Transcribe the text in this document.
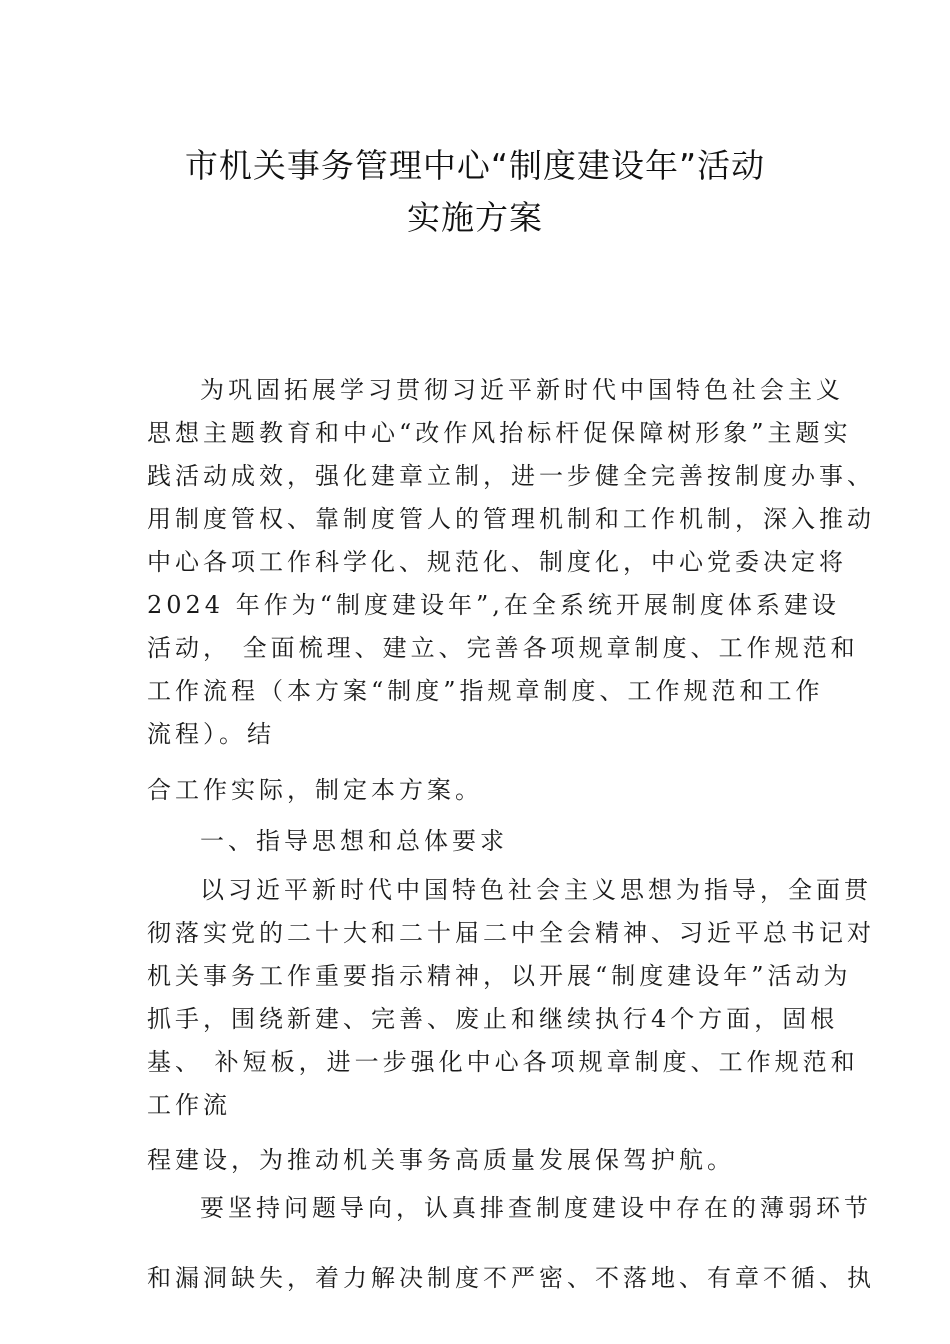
市机关事务管理中心“制度建设年”活动
实施方案
为巩固拓展学习贯彻习近平新时代中国特色社会主义
思想主题教育和中心“改作风抬标杆促保障树形象”主题实
践活动成效，强化建章立制，进一步健全完善按制度办事、
用制度管权、靠制度管人的管理机制和工作机制，深入推动
中心各项工作科学化、规范化、制度化，中心党委决定将
2024 年作为“制度建设年”,在全系统开展制度体系建设
活动， 全面梳理、建立、完善各项规章制度、工作规范和
工作流程（本方案“制度”指规章制度、工作规范和工作
流程）。结
合工作实际，制定本方案。
一、指导思想和总体要求
以习近平新时代中国特色社会主义思想为指导，全面贯
彻落实党的二十大和二十届二中全会精神、习近平总书记对
机关事务工作重要指示精神，以开展“制度建设年”活动为
抓手，围绕新建、完善、废止和继续执行4个方面，固根
基、 补短板，进一步强化中心各项规章制度、工作规范和
工作流
程建设，为推动机关事务高质量发展保驾护航。
要坚持问题导向，认真排查制度建设中存在的薄弱环节
和漏洞缺失，着力解决制度不严密、不落地、有章不循、执
